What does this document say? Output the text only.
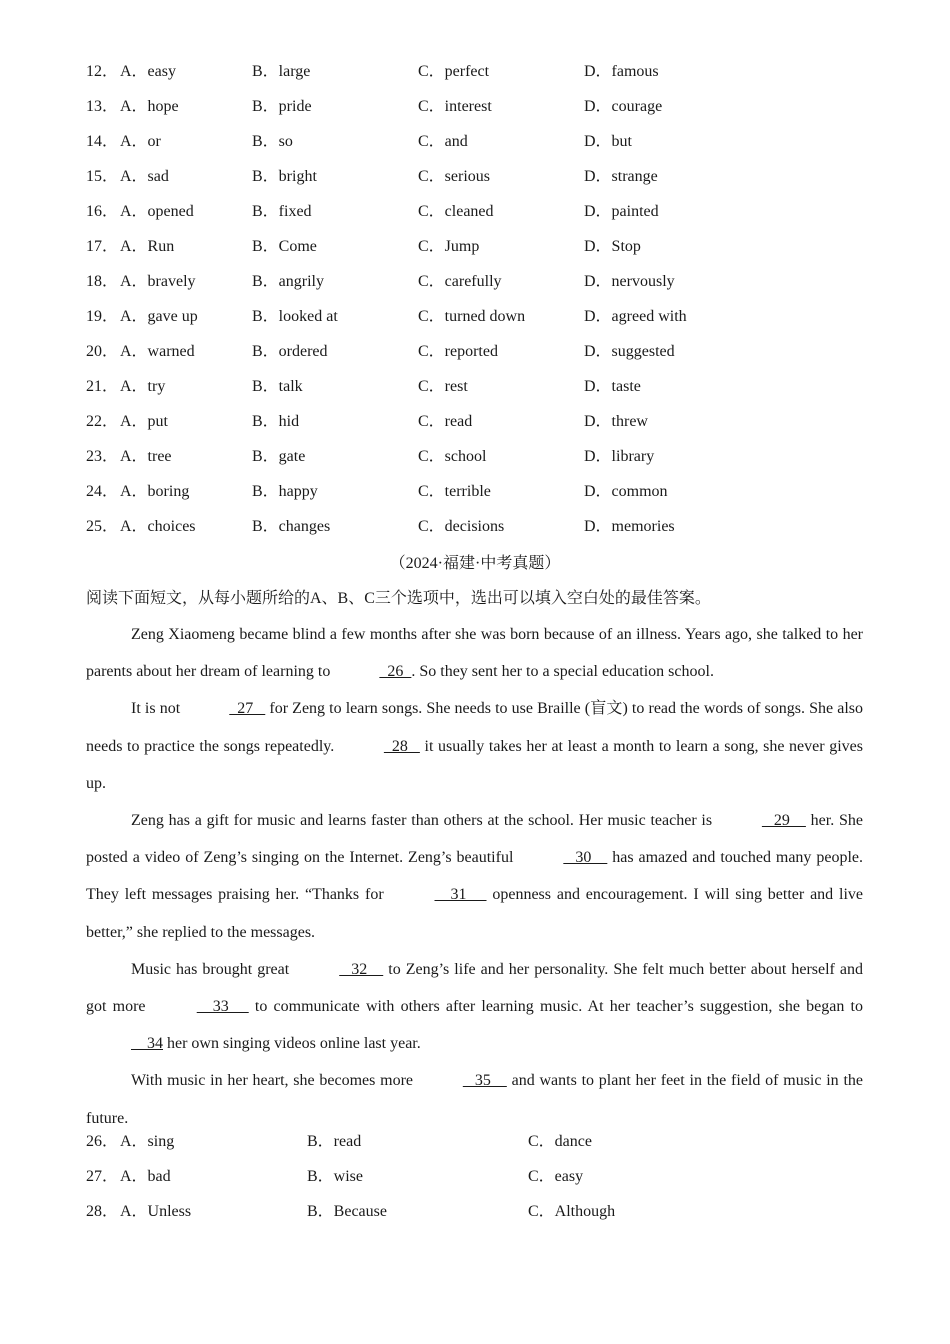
12． A．easy	B．large	C．perfect	D．famous
13． A．hope	B．pride	C．interest	D．courage
14． A．or	B．so	C．and	D．but
15． A．sad	B．bright	C．serious	D．strange
16． A．opened	B．fixed	C．cleaned	D．painted
17． A．Run	B．Come	C．Jump	D．Stop
18． A．bravely	B．angrily	C．carefully	D．nervously
19． A．gave up	B．looked at	C．turned down	D．agreed with
20． A．warned	B．ordered	C．reported	D．suggested
21． A．try	B．talk	C．rest	D．taste
22． A．put	B．hid	C．read	D．threw
23． A．tree	B．gate	C．school	D．library
24． A．boring	B．happy	C．terrible	D．common
25． A．choices	B．changes	C．decisions	D．memories
（2024·福建·中考真题）
阅读下面短文，从每小题所给的A、B、C三个选项中，选出可以填入空白处的最佳答案。

Zeng Xiaomeng became blind a few months after she was born because of an illness. Years ago, she talked to her parents about her dream of learning to	26  . So they sent her to a special education school.

It is not	27    for Zeng to learn songs. She needs to use Braille (盲文) to read the words of songs. She also needs to practice the songs repeatedly.	28    it usually takes her at least a month to learn a song, she never gives up.

Zeng has a gift for music and learns faster than others at the school. Her music teacher is	29     her. She posted a video of Zeng’s singing on the Internet. Zeng’s beautiful	30     has amazed and touched many people. They left messages praising her. “Thanks for	31      openness and encouragement. I will sing better and live better,” she replied to the messages.

Music has brought great	32     to Zeng’s life and her personality. She felt much better about herself and got more	33      to communicate with others after learning music. At her teacher’s suggestion, she began to     34 her own singing videos online last year.

With music in her heart, she becomes more	35     and wants to plant her feet in the field of music in the future.

26． A．sing	B．read	C．dance
27． A．bad	B．wise	C．easy
28． A．Unless	B．Because	C．Although
